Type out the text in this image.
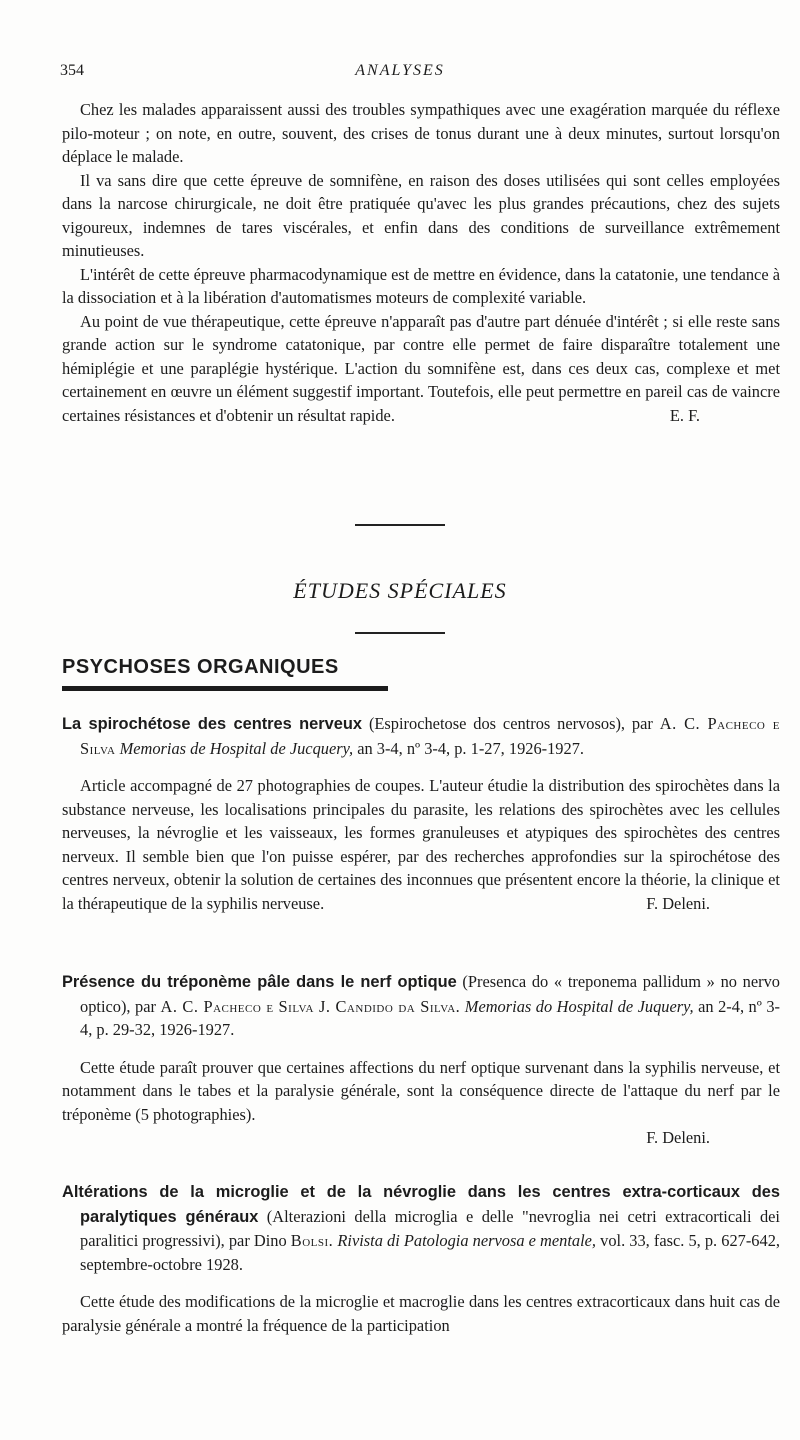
354	ANALYSES

Chez les malades apparaissent aussi des troubles sympathiques avec une exagération marquée du réflexe pilo-moteur ; on note, en outre, souvent, des crises de tonus durant une à deux minutes, surtout lorsqu'on déplace le malade.

Il va sans dire que cette épreuve de somnifène, en raison des doses utilisées qui sont celles employées dans la narcose chirurgicale, ne doit être pratiquée qu'avec les plus grandes précautions, chez des sujets vigoureux, indemnes de tares viscérales, et enfin dans des conditions de surveillance extrêmement minutieuses.

L'intérêt de cette épreuve pharmacodynamique est de mettre en évidence, dans la catatonie, une tendance à la dissociation et à la libération d'automatismes moteurs de complexité variable.

Au point de vue thérapeutique, cette épreuve n'apparaît pas d'autre part dénuée d'intérêt ; si elle reste sans grande action sur le syndrome catatonique, par contre elle permet de faire disparaître totalement une hémiplégie et une paraplégie hystérique. L'action du somnifène est, dans ces deux cas, complexe et met certainement en œuvre un élément suggestif important. Toutefois, elle peut permettre en pareil cas de vaincre certaines résistances et d'obtenir un résultat rapide.	E. F.

ÉTUDES SPÉCIALES
PSYCHOSES ORGANIQUES

La spirochétose des centres nerveux (Espirochetose dos centros nervosos), par A. C. Pacheco e Silva Memorias de Hospital de Jucquery, an 3-4, nº 3-4, p. 1-27, 1926-1927.

Article accompagné de 27 photographies de coupes. L'auteur étudie la distribution des spirochètes dans la substance nerveuse, les localisations principales du parasite, les relations des spirochètes avec les cellules nerveuses, la névroglie et les vaisseaux, les formes granuleuses et atypiques des spirochètes des centres nerveux. Il semble bien que l'on puisse espérer, par des recherches approfondies sur la spirochétose des centres nerveux, obtenir la solution de certaines des inconnues que présentent encore la théorie, la clinique et la thérapeutique de la syphilis nerveuse.	F. Deleni.

Présence du tréponème pâle dans le nerf optique (Presenca do « treponema pallidum » no nervo optico), par A. C. Pacheco e Silva J. Candido da Silva. Memorias do Hospital de Juquery, an 2-4, nº 3-4, p. 29-32, 1926-1927.

Cette étude paraît prouver que certaines affections du nerf optique survenant dans la syphilis nerveuse, et notamment dans le tabes et la paralysie générale, sont la conséquence directe de l'attaque du nerf par le tréponème (5 photographies).

F. Deleni.

Altérations de la microglie et de la névroglie dans les centres extra-corticaux des paralytiques généraux (Alterazioni della microglia e delle "nevroglia nei cetri extracorticali dei paralitici progressivi), par Dino Bolsi. Rivista di Patologia nervosa e mentale, vol. 33, fasc. 5, p. 627-642, septembre-octobre 1928.

Cette étude des modifications de la microglie et macroglie dans les centres extracorticaux dans huit cas de paralysie générale a montré la fréquence de la participation
